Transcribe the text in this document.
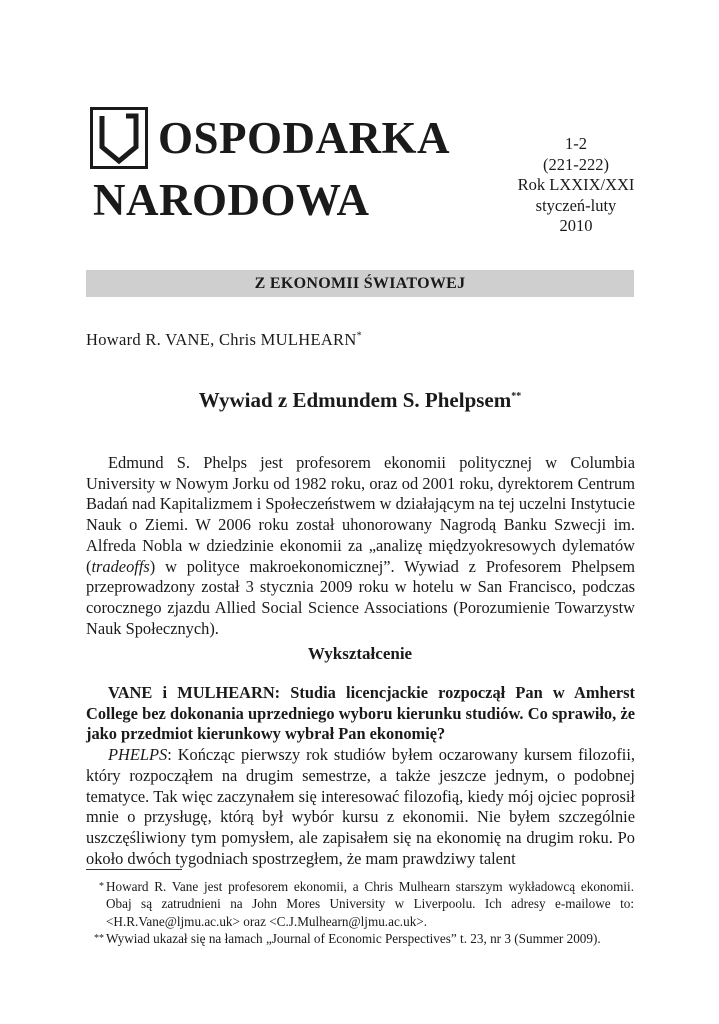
OSPODARKA
NARODOWA
1-2
(221-222)
Rok LXXIX/XXI
styczeń-luty
2010
Z EKONOMII ŚWIATOWEJ
Howard R. VANE, Chris MULHEARN*
Wywiad z Edmundem S. Phelpsem**

Edmund S. Phelps jest profesorem ekonomii politycznej w Columbia University w Nowym Jorku od 1982 roku, oraz od 2001 roku, dyrektorem Centrum Badań nad Kapitalizmem i Społeczeństwem w działającym na tej uczelni Instytucie Nauk o Ziemi. W 2006 roku został uhonorowany Nagrodą Banku Szwecji im. Alfreda Nobla w dziedzinie ekonomii za „analizę międzyokresowych dylematów (tradeoffs) w polityce makroekonomicznej”. Wywiad z Profesorem Phelpsem przeprowadzony został 3 stycznia 2009 roku w hotelu w San Francisco, podczas corocznego zjazdu Allied Social Science Associations (Porozumienie Towarzystw Nauk Społecznych).

Wykształcenie

VANE i MULHEARN: Studia licencjackie rozpoczął Pan w Amherst College bez dokonania uprzedniego wyboru kierunku studiów. Co sprawiło, że jako przedmiot kierunkowy wybrał Pan ekonomię?

PHELPS: Kończąc pierwszy rok studiów byłem oczarowany kursem filozofii, który rozpocząłem na drugim semestrze, a także jeszcze jednym, o podobnej tematyce. Tak więc zaczynałem się interesować filozofią, kiedy mój ojciec poprosił mnie o przysługę, którą był wybór kursu z ekonomii. Nie byłem szczególnie uszczęśliwiony tym pomysłem, ale zapisałem się na ekonomię na drugim roku. Po około dwóch tygodniach spostrzegłem, że mam prawdziwy talent

* Howard R. Vane jest profesorem ekonomii, a Chris Mulhearn starszym wykładowcą ekonomii. Obaj są zatrudnieni na John Mores University w Liverpoolu. Ich adresy e-mailowe to: <H.R.Vane@ljmu.ac.uk> oraz <C.J.Mulhearn@ljmu.ac.uk>.
** Wywiad ukazał się na łamach „Journal of Economic Perspectives” t. 23, nr 3 (Summer 2009).
